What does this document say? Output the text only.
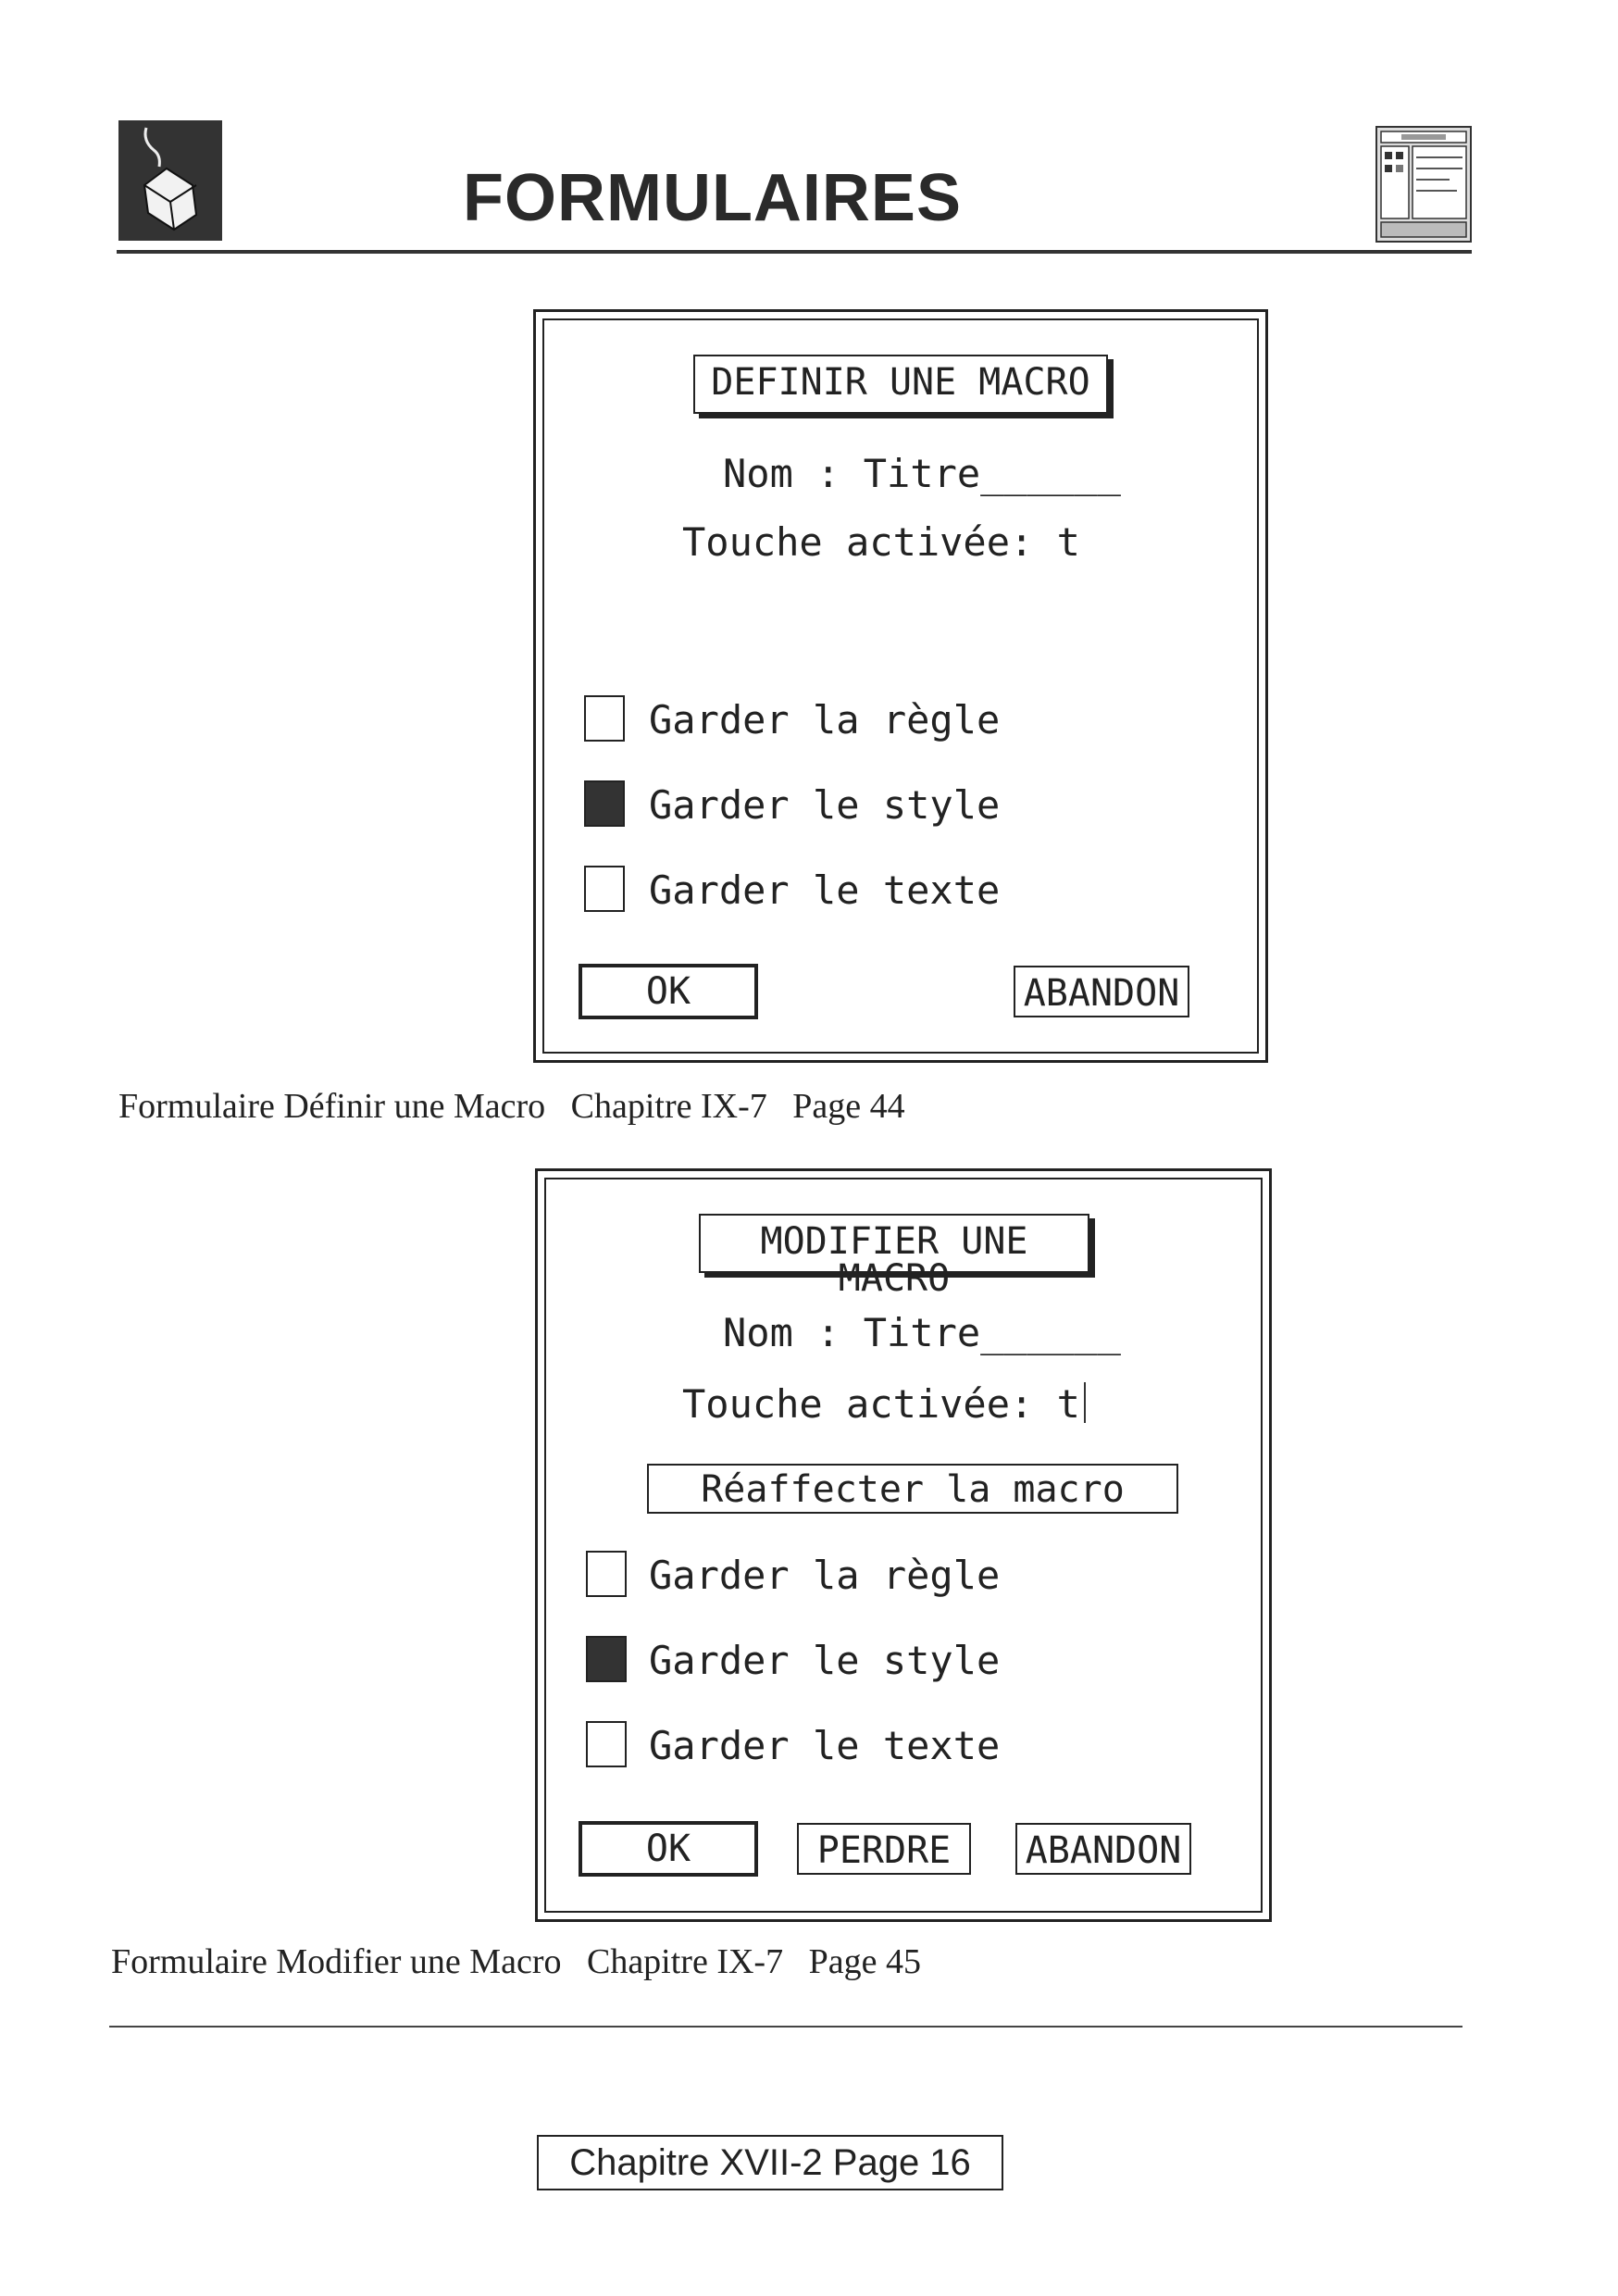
FORMULAIRES
DEFINIR UNE MACRO
Nom : Titre______
Touche activée: t
Garder la règle
Garder le style
Garder le texte
OK	ABANDON
Formulaire Définir une Macro Chapitre IX-7 Page 44
MODIFIER UNE MACRO
Nom : Titre______
Touche activée: t
Réaffecter la macro
Garder la règle
Garder le style
Garder le texte
OK	PERDRE	ABANDON
Formulaire Modifier une Macro Chapitre IX-7 Page 45
Chapitre XVII-2 Page 16
